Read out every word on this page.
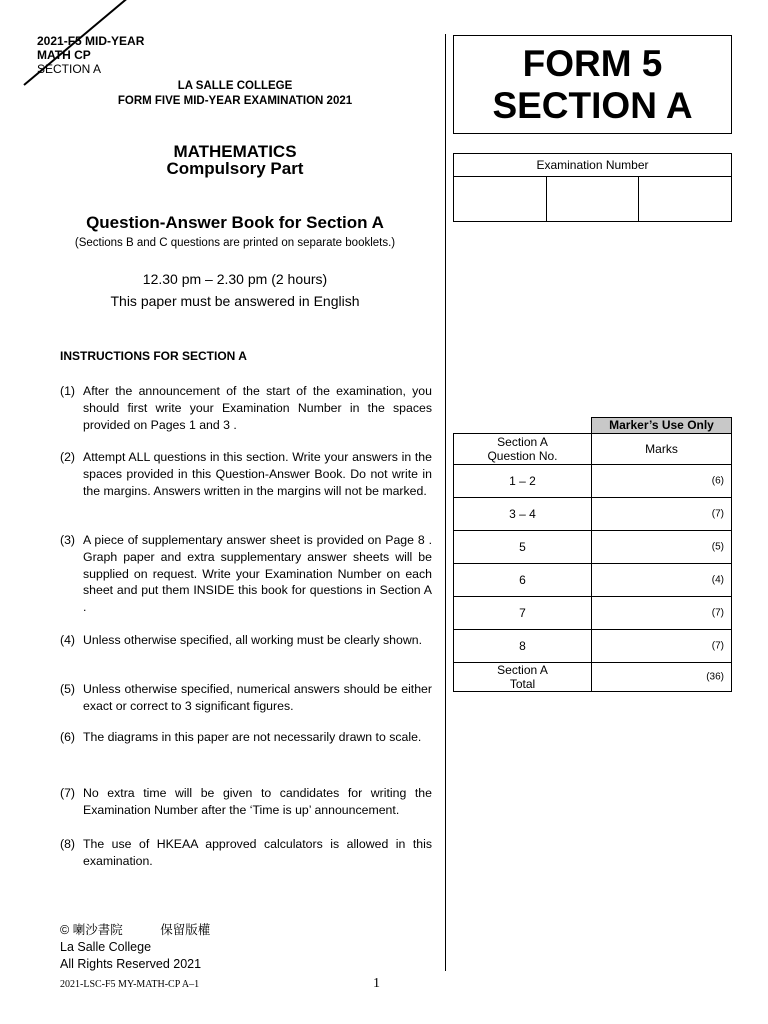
2021-F5 MID-YEAR
MATH CP
SECTION A
LA SALLE COLLEGE
FORM FIVE MID-YEAR EXAMINATION 2021
MATHEMATICS
Compulsory Part
Question-Answer Book for Section A
(Sections B and C questions are printed on separate booklets.)
12.30 pm – 2.30 pm (2 hours)
This paper must be answered in English
INSTRUCTIONS FOR SECTION A
(1) After the announcement of the start of the examination, you should first write your Examination Number in the spaces provided on Pages 1 and 3 .
(2) Attempt ALL questions in this section. Write your answers in the spaces provided in this Question-Answer Book. Do not write in the margins. Answers written in the margins will not be marked.
(3) A piece of supplementary answer sheet is provided on Page 8 . Graph paper and extra supplementary answer sheets will be supplied on request. Write your Examination Number on each sheet and put them INSIDE this book for questions in Section A .
(4) Unless otherwise specified, all working must be clearly shown.
(5) Unless otherwise specified, numerical answers should be either exact or correct to 3 significant figures.
(6) The diagrams in this paper are not necessarily drawn to scale.
(7) No extra time will be given to candidates for writing the Examination Number after the ‘Time is up’ announcement.
(8) The use of HKEAA approved calculators is allowed in this examination.
FORM 5
SECTION A
Examination Number
Marker’s Use Only
Section A
Question No.	Marks
1 – 2	(6)

3 – 4	(7)

5	(5)

6	(4)

7	(7)

8	(7)

Section A
Total	(36)
© 喇沙書院	保留版權
La Salle College
All Rights Reserved 2021
2021-LSC-F5 MY-MATH-CP A–1	1
